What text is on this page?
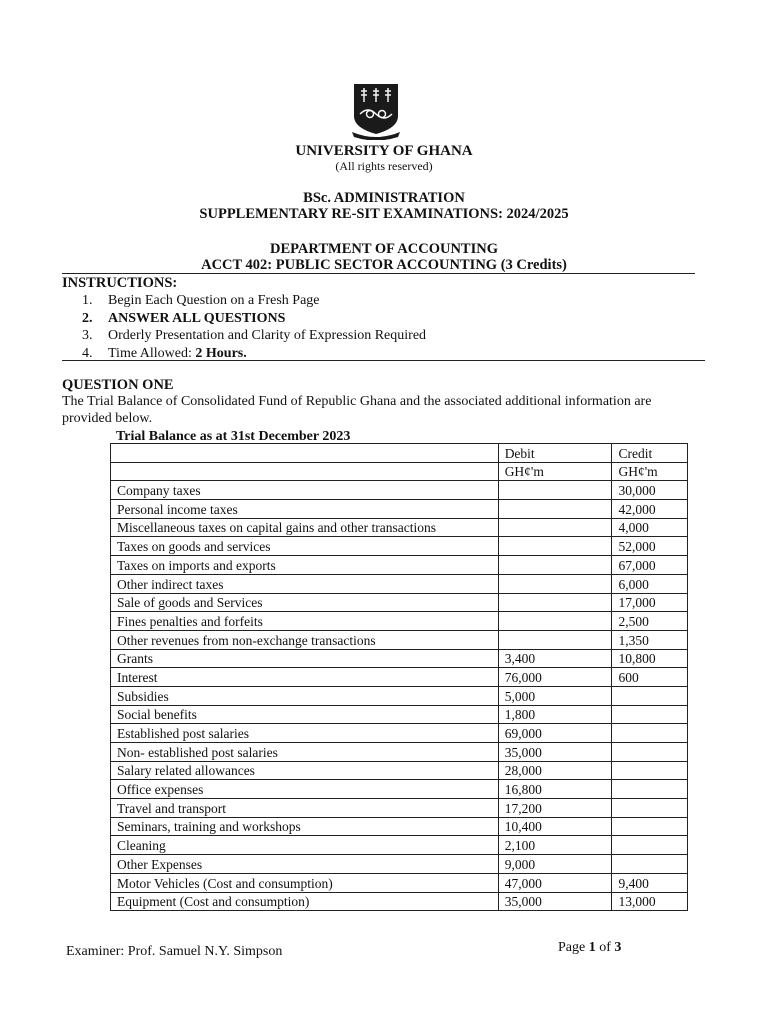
UNIVERSITY OF GHANA
(All rights reserved)
BSc. ADMINISTRATION
SUPPLEMENTARY RE-SIT EXAMINATIONS: 2024/2025
DEPARTMENT OF ACCOUNTING
ACCT 402: PUBLIC SECTOR ACCOUNTING (3 Credits)
INSTRUCTIONS:
1. Begin Each Question on a Fresh Page
2. ANSWER ALL QUESTIONS
3. Orderly Presentation and Clarity of Expression Required
4. Time Allowed: 2 Hours.
QUESTION ONE
The Trial Balance of Consolidated Fund of Republic Ghana and the associated additional information are provided below.
Trial Balance as at 31st December 2023
	Debit	Credit
	GH¢'m	GH¢'m
Company taxes		30,000
Personal income taxes		42,000
Miscellaneous taxes on capital gains and other transactions		4,000
Taxes on goods and services		52,000
Taxes on imports and exports		67,000
Other indirect taxes		6,000
Sale of goods and Services		17,000
Fines penalties and forfeits		2,500
Other revenues from non-exchange transactions		1,350
Grants	3,400	10,800
Interest	76,000	600
Subsidies	5,000	
Social benefits	1,800	
Established post salaries	69,000	
Non- established post salaries	35,000	
Salary related allowances	28,000	
Office expenses	16,800	
Travel and transport	17,200	
Seminars, training and workshops	10,400	
Cleaning	2,100	
Other Expenses	9,000	
Motor Vehicles (Cost and consumption)	47,000	9,400
Equipment (Cost and consumption)	35,000	13,000
Examiner: Prof. Samuel N.Y. Simpson	Page 1 of 3
